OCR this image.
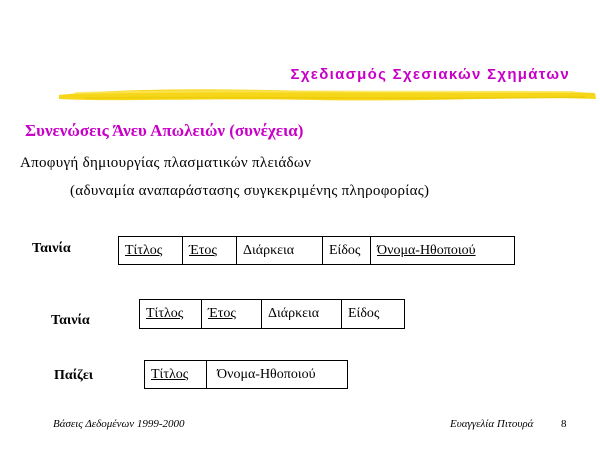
Σχεδιασμός Σχεσιακών Σχημάτων
Συνενώσεις Άνευ Απωλειών (συνέχεια)
Αποφυγή δημιουργίας πλασματικών πλειάδων
(αδυναμία αναπαράστασης συγκεκριμένης πληροφορίας)
Ταινία	Τίτλος	Έτος	Διάρκεια	Είδος	Όνομα-Ηθοποιού
Ταινία	Τίτλος	Έτος	Διάρκεια	Είδος
Παίζει	Τίτλος	Όνομα-Ηθοποιού
Βάσεις Δεδομένων 1999-2000	Ευαγγελία Πιτουρά	8
